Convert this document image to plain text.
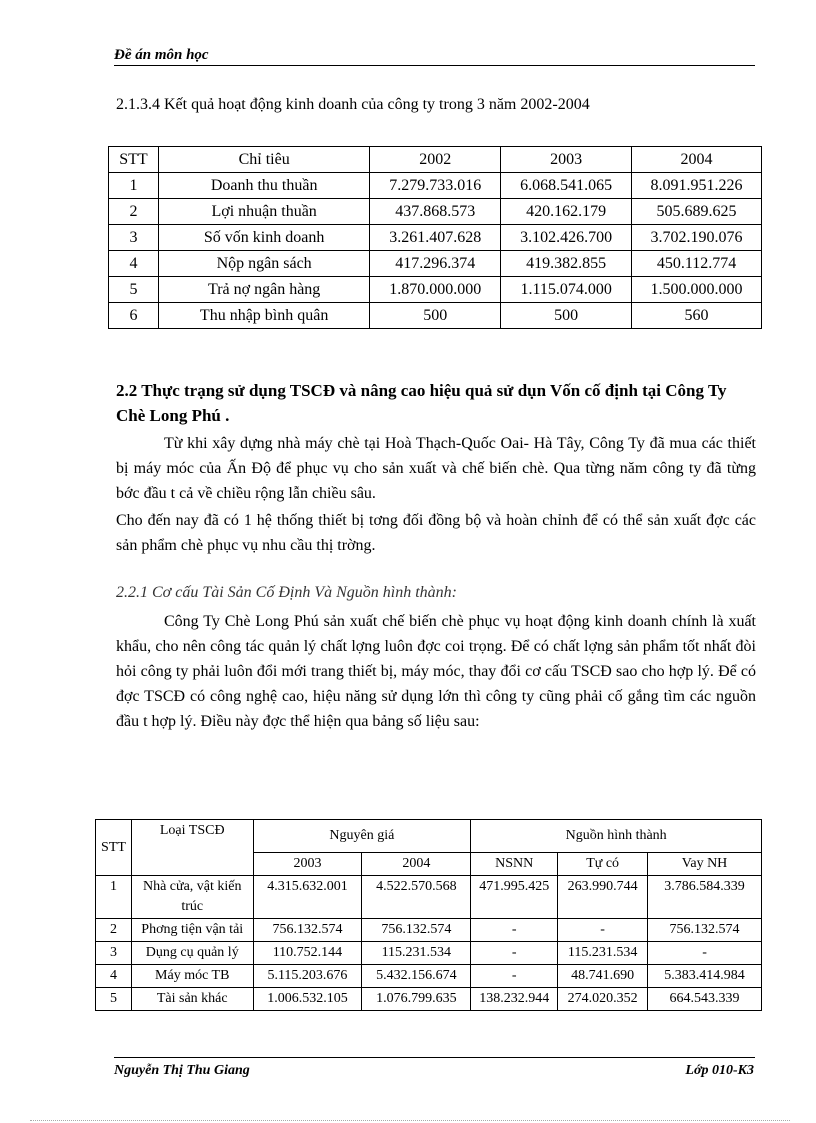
Đề án môn học
2.1.3.4 Kết quả hoạt động kinh doanh của công ty trong 3 năm 2002-2004
STT	Chỉ tiêu	2002	2003	2004
1	Doanh thu thuần	7.279.733.016	6.068.541.065	8.091.951.226
2	Lợi nhuận thuần	437.868.573	420.162.179	505.689.625
3	Số vốn kinh doanh	3.261.407.628	3.102.426.700	3.702.190.076
4	Nộp ngân sách	417.296.374	419.382.855	450.112.774
5	Trả nợ ngân hàng	1.870.000.000	1.115.074.000	1.500.000.000
6	Thu nhập bình quân	500	500	560
2.2 Thực trạng sử dụng TSCĐ và nâng cao hiệu quả sử dụn Vốn cố định tại Công Ty Chè Long Phú .

Từ khi xây dựng nhà máy chè tại Hoà Thạch-Quốc Oai- Hà Tây, Công Ty đã mua các thiết bị máy móc của Ấn Độ để phục vụ cho sản xuất và chế biến chè. Qua từng năm công ty đã từng bớc đầu t cả về chiều rộng lẫn chiều sâu.

Cho đến nay đã có 1 hệ thống thiết bị tơng đối đồng bộ và hoàn chỉnh để có thể sản xuất đợc các sản phẩm chè phục vụ nhu cầu thị trờng.

2.2.1 Cơ cấu Tài Sản Cố Định Và Nguồn hình thành:

Công Ty Chè Long Phú sản xuất chế biến chè phục vụ hoạt động kinh doanh chính là xuất khẩu, cho nên công tác quản lý chất lợng luôn đợc coi trọng. Để có chất lợng sản phẩm tốt nhất đòi hỏi công ty phải luôn đổi mới trang thiết bị, máy móc, thay đổi cơ cấu TSCĐ sao cho hợp lý. Để có đợc TSCĐ có công nghệ cao, hiệu năng sử dụng lớn thì công ty cũng phải cố gắng tìm các nguồn đầu t hợp lý. Điều này đợc thể hiện qua bảng số liệu sau:

STT	Loại TSCĐ	Nguyên giá		Nguồn hình thành		
		2003	2004	NSNN	Tự có	Vay NH
1	Nhà cửa, vật kiến trúc	4.315.632.001	4.522.570.568	471.995.425	263.990.744	3.786.584.339
2	Phơng tiện vận tải	756.132.574	756.132.574	-	-	756.132.574
3	Dụng cụ quản lý	110.752.144	115.231.534	-	115.231.534	-
4	Máy móc TB	5.115.203.676	5.432.156.674	-	48.741.690	5.383.414.984
5	Tài sản khác	1.006.532.105	1.076.799.635	138.232.944	274.020.352	664.543.339
Nguyễn Thị Thu Giang	Lớp 010-K3
